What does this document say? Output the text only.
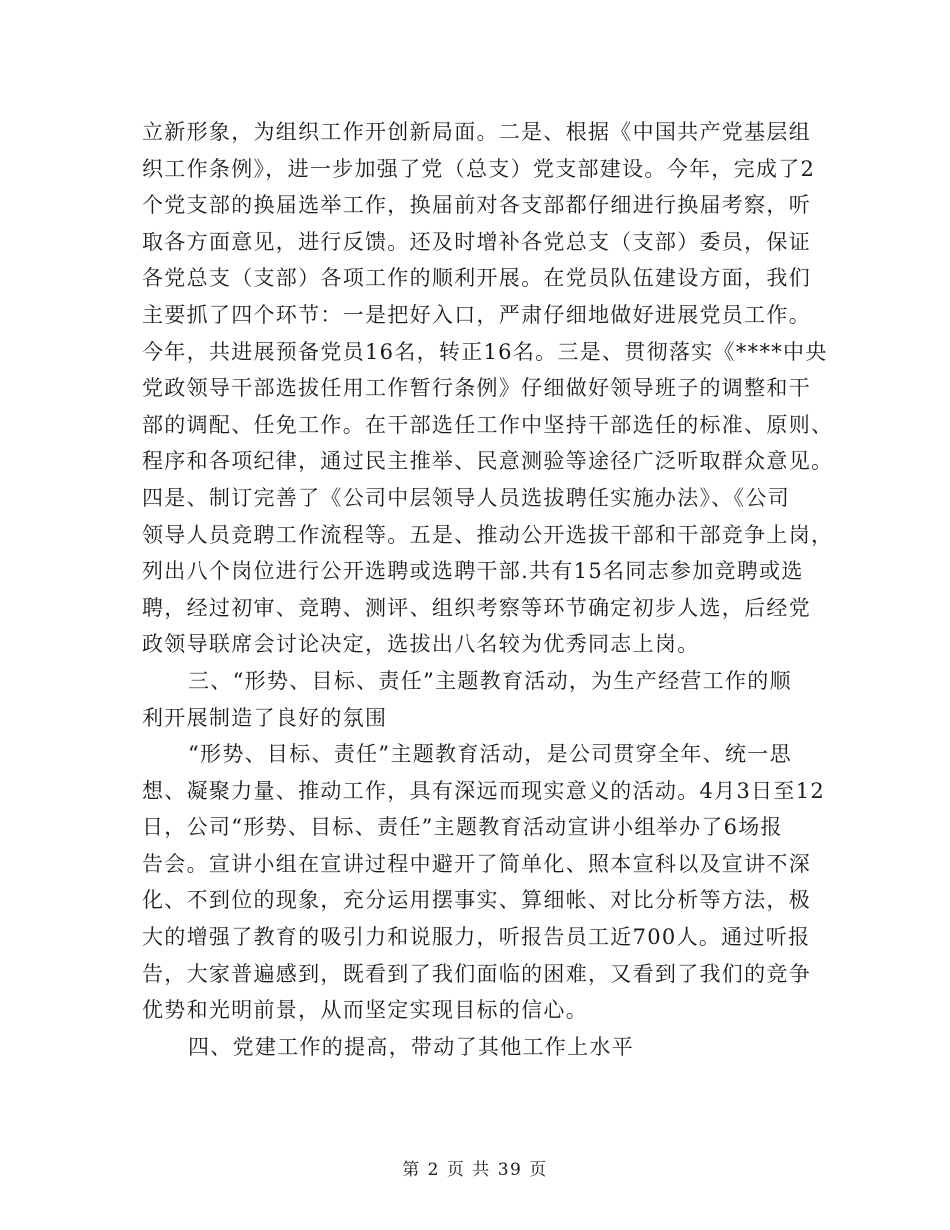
立新形象，为组织工作开创新局面。二是、根据《中国共产党基层组
织工作条例》，进一步加强了党（总支）党支部建设。今年，完成了2
个党支部的换届选举工作，换届前对各支部都仔细进行换届考察，听
取各方面意见，进行反馈。还及时增补各党总支（支部）委员，保证
各党总支（支部）各项工作的顺利开展。在党员队伍建设方面，我们
主要抓了四个环节：一是把好入口，严肃仔细地做好进展党员工作。
今年，共进展预备党员16名，转正16名。三是、贯彻落实《****中央
党政领导干部选拔任用工作暂行条例》仔细做好领导班子的调整和干
部的调配、任免工作。在干部选任工作中坚持干部选任的标准、原则、
程序和各项纪律，通过民主推举、民意测验等途径广泛听取群众意见。
四是、制订完善了《公司中层领导人员选拔聘任实施办法》、《公司
领导人员竞聘工作流程等。五是、推动公开选拔干部和干部竞争上岗，
列出八个岗位进行公开选聘或选聘干部.共有15名同志参加竞聘或选
聘，经过初审、竞聘、测评、组织考察等环节确定初步人选，后经党
政领导联席会讨论决定，选拔出八名较为优秀同志上岗。
三、“形势、目标、责任”主题教育活动，为生产经营工作的顺
利开展制造了良好的氛围
“形势、目标、责任”主题教育活动，是公司贯穿全年、统一思
想、凝聚力量、推动工作，具有深远而现实意义的活动。4月3日至12
日，公司“形势、目标、责任”主题教育活动宣讲小组举办了6场报
告会。宣讲小组在宣讲过程中避开了简单化、照本宣科以及宣讲不深
化、不到位的现象，充分运用摆事实、算细帐、对比分析等方法，极
大的增强了教育的吸引力和说服力，听报告员工近700人。通过听报
告，大家普遍感到，既看到了我们面临的困难，又看到了我们的竞争
优势和光明前景，从而坚定实现目标的信心。
四、党建工作的提高，带动了其他工作上水平
第 2 页 共 39 页
